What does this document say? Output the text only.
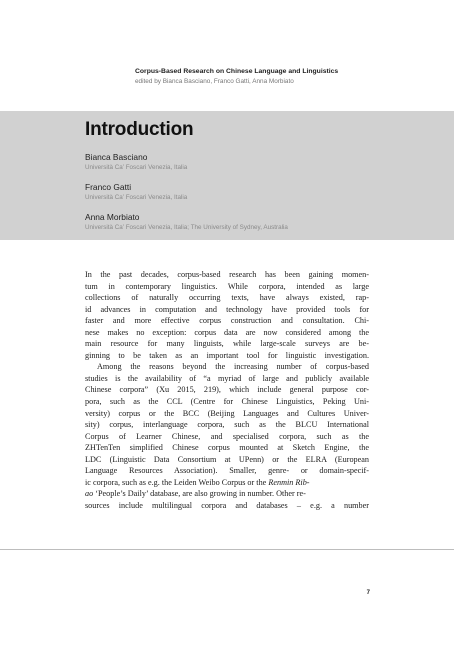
Corpus-Based Research on Chinese Language and Linguistics
edited by Bianca Basciano, Franco Gatti, Anna Morbiato
Introduction
Bianca Basciano
Università Ca’ Foscari Venezia, Italia
Franco Gatti
Università Ca’ Foscari Venezia, Italia
Anna Morbiato
Università Ca’ Foscari Venezia, Italia; The University of Sydney, Australia
In the past decades, corpus-based research has been gaining momen-
tum in contemporary linguistics. While corpora, intended as large
collections of naturally occurring texts, have always existed, rap-
id advances in computation and technology have provided tools for
faster and more effective corpus construction and consultation. Chi-
nese makes no exception: corpus data are now considered among the
main resource for many linguists, while large-scale surveys are be-
ginning to be taken as an important tool for linguistic investigation.
Among the reasons beyond the increasing number of corpus-based
studies is the availability of “a myriad of large and publicly available
Chinese corpora” (Xu 2015, 219), which include general purpose cor-
pora, such as the CCL (Centre for Chinese Linguistics, Peking Uni-
versity) corpus or the BCC (Beijing Languages and Cultures Univer-
sity) corpus, interlanguage corpora, such as the BLCU International
Corpus of Learner Chinese, and specialised corpora, such as the
ZHTenTen simplified Chinese corpus mounted at Sketch Engine, the
LDC (Linguistic Data Consortium at UPenn) or the ELRA (European
Language Resources Association). Smaller, genre- or domain-specif-
ic corpora, such as e.g. the Leiden Weibo Corpus or the Renmin Rib-
ao ‘People’s Daily’ database, are also growing in number. Other re-
sources include multilingual corpora and databases – e.g. a number
7
